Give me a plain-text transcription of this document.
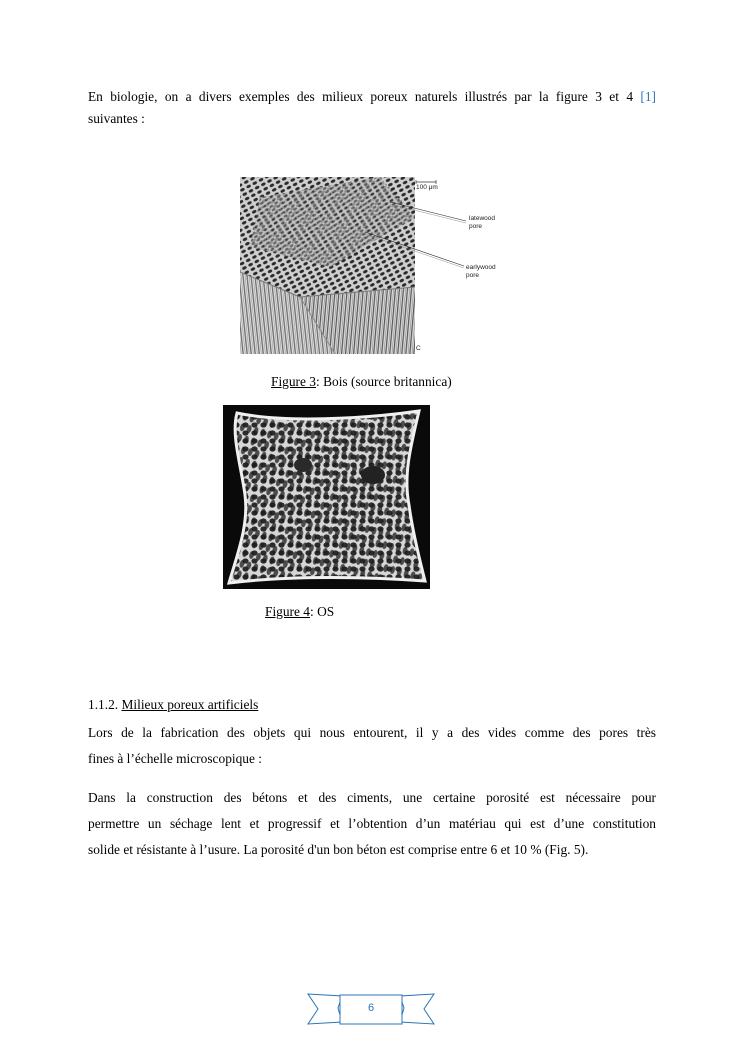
En biologie, on a divers exemples des milieux poreux naturels illustrés par la figure 3 et 4 [1]
suivantes :
100 μm
latewood
pore
earlywood
pore
C
Figure 3: Bois (source britannica)
Figure 4: OS
1.1.2. Milieux poreux artificiels
Lors de la fabrication des objets qui nous entourent, il y a des vides comme des pores très
fines à l’échelle microscopique :
Dans la construction des bétons et des ciments, une certaine porosité est nécessaire pour
permettre un séchage lent et progressif et l’obtention d’un matériau qui est d’une constitution
solide et résistante à l’usure. La porosité d'un bon béton est comprise entre 6 et 10 % (Fig. 5).
6
